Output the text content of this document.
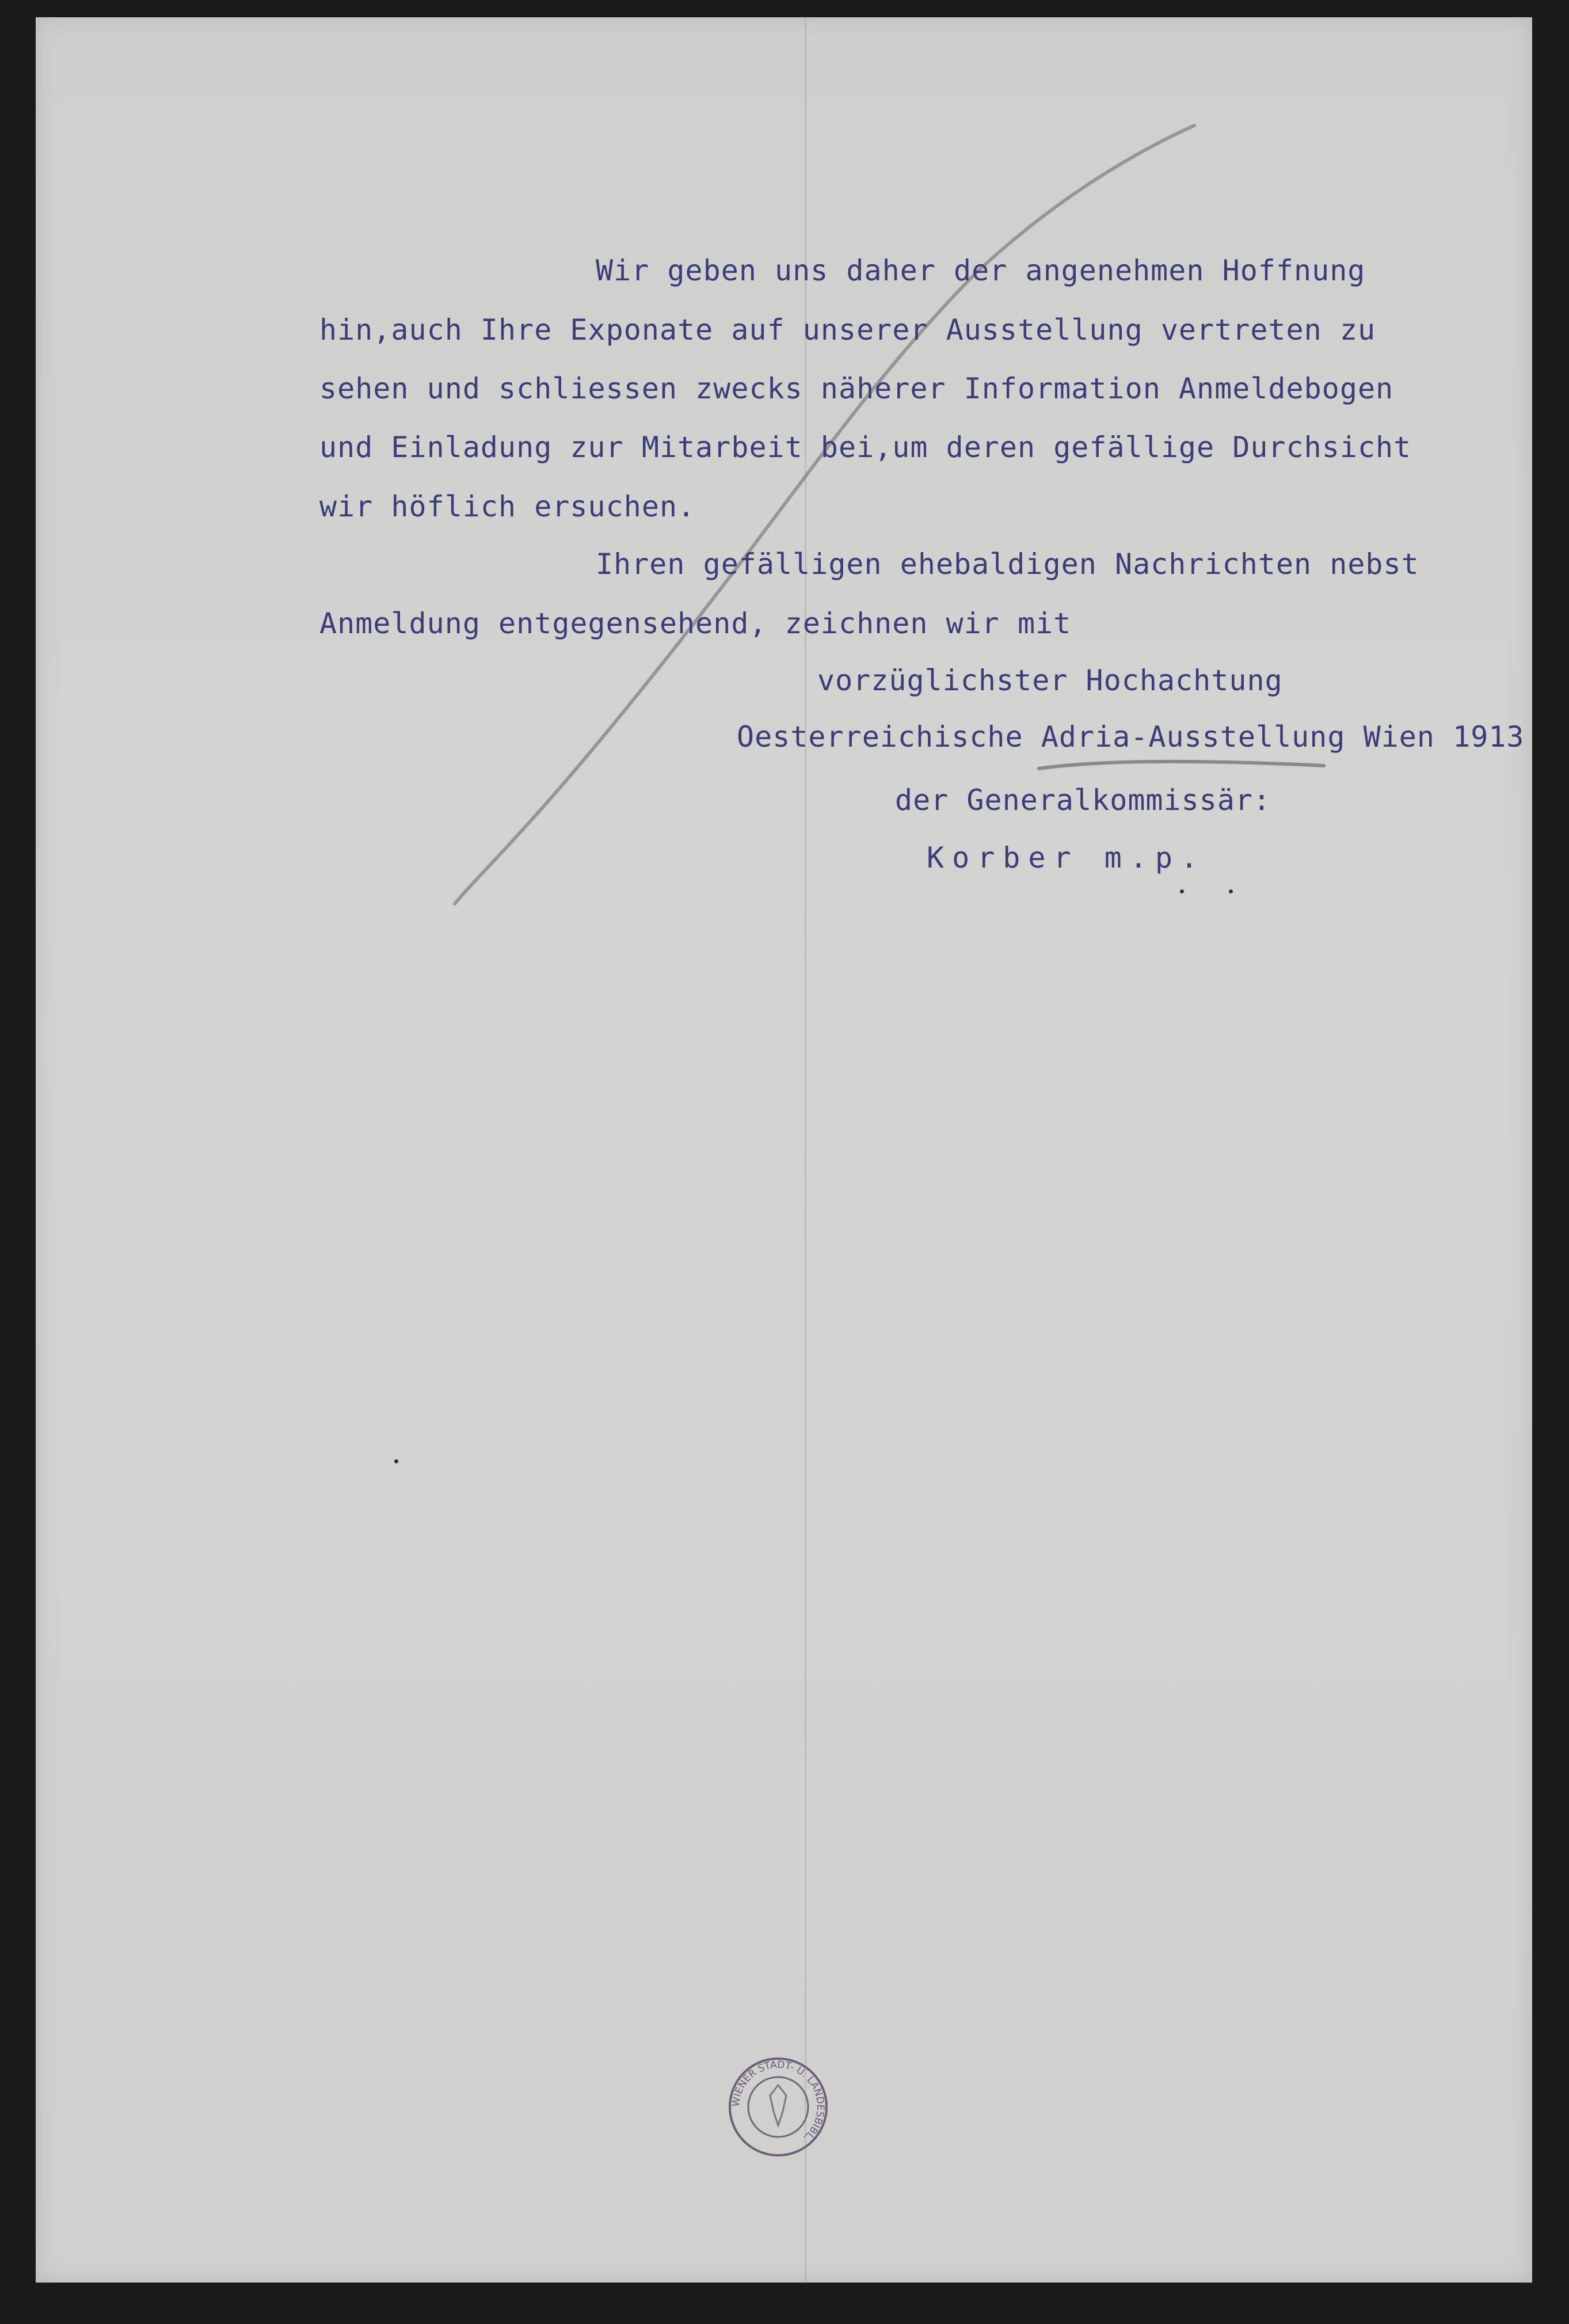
Wir geben uns daher der angenehmen Hoffnung
hin,auch Ihre Exponate auf unserer Ausstellung vertreten zu
sehen und schliessen zwecks näherer Information Anmeldebogen
und Einladung zur Mitarbeit bei,um deren gefällige Durchsicht
wir höflich ersuchen.
Ihren gefälligen ehebaldigen Nachrichten nebst
Anmeldung entgegensehend, zeichnen wir mit
vorzüglichster Hochachtung
Oesterreichische Adria-Ausstellung Wien 1913
der Generalkommissär:
Korber m.p.
WIENER STADT- U. LANDESBIBL.
